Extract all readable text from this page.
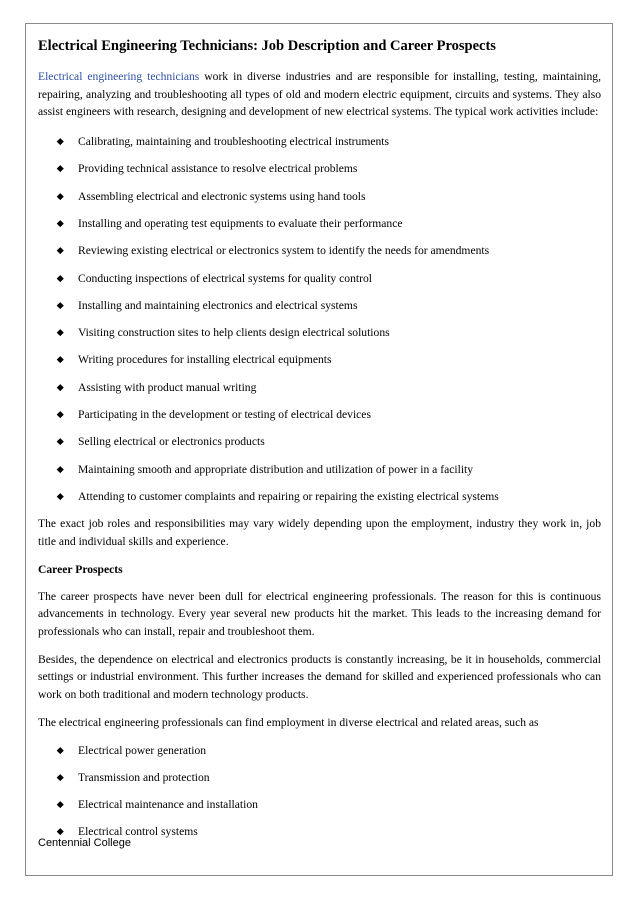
Electrical Engineering Technicians: Job Description and Career Prospects

Electrical engineering technicians work in diverse industries and are responsible for installing, testing, maintaining, repairing, analyzing and troubleshooting all types of old and modern electric equipment, circuits and systems. They also assist engineers with research, designing and development of new electrical systems. The typical work activities include:

Calibrating, maintaining and troubleshooting electrical instruments
Providing technical assistance to resolve electrical problems
Assembling electrical and electronic systems using hand tools
Installing and operating test equipments to evaluate their performance
Reviewing existing electrical or electronics system to identify the needs for amendments
Conducting inspections of electrical systems for quality control
Installing and maintaining electronics and electrical systems
Visiting construction sites to help clients design electrical solutions
Writing procedures for installing electrical equipments
Assisting with product manual writing
Participating in the development or testing of electrical devices
Selling electrical or electronics products
Maintaining smooth and appropriate distribution and utilization of power in a facility
Attending to customer complaints and repairing or repairing the existing electrical systems

The exact job roles and responsibilities may vary widely depending upon the employment, industry they work in, job title and individual skills and experience.

Career Prospects

The career prospects have never been dull for electrical engineering professionals. The reason for this is continuous advancements in technology. Every year several new products hit the market. This leads to the increasing demand for professionals who can install, repair and troubleshoot them.

Besides, the dependence on electrical and electronics products is constantly increasing, be it in households, commercial settings or industrial environment. This further increases the demand for skilled and experienced professionals who can work on both traditional and modern technology products.

The electrical engineering professionals can find employment in diverse electrical and related areas, such as

Electrical power generation
Transmission and protection
Electrical maintenance and installation
Electrical control systems
Centennial College
